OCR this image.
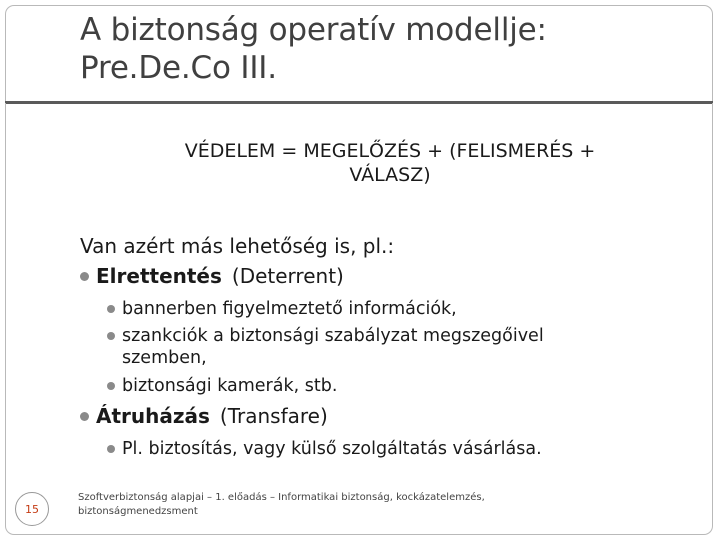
A biztonság operatív modellje:
Pre.De.Co III.
VÉDELEM = MEGELŐZÉS + (FELISMERÉS +
VÁLASZ)
Van azért más lehetőség is, pl.:
Elrettentés (Deterrent)
bannerben figyelmeztető információk,
szankciók a biztonsági szabályzat megszegőivel
szemben,
biztonsági kamerák, stb.
Átruházás (Transfare)
Pl. biztosítás, vagy külső szolgáltatás vásárlása.
15
Szoftverbiztonság alapjai – 1. előadás – Informatikai biztonság, kockázatelemzés,
biztonságmenedzsment
